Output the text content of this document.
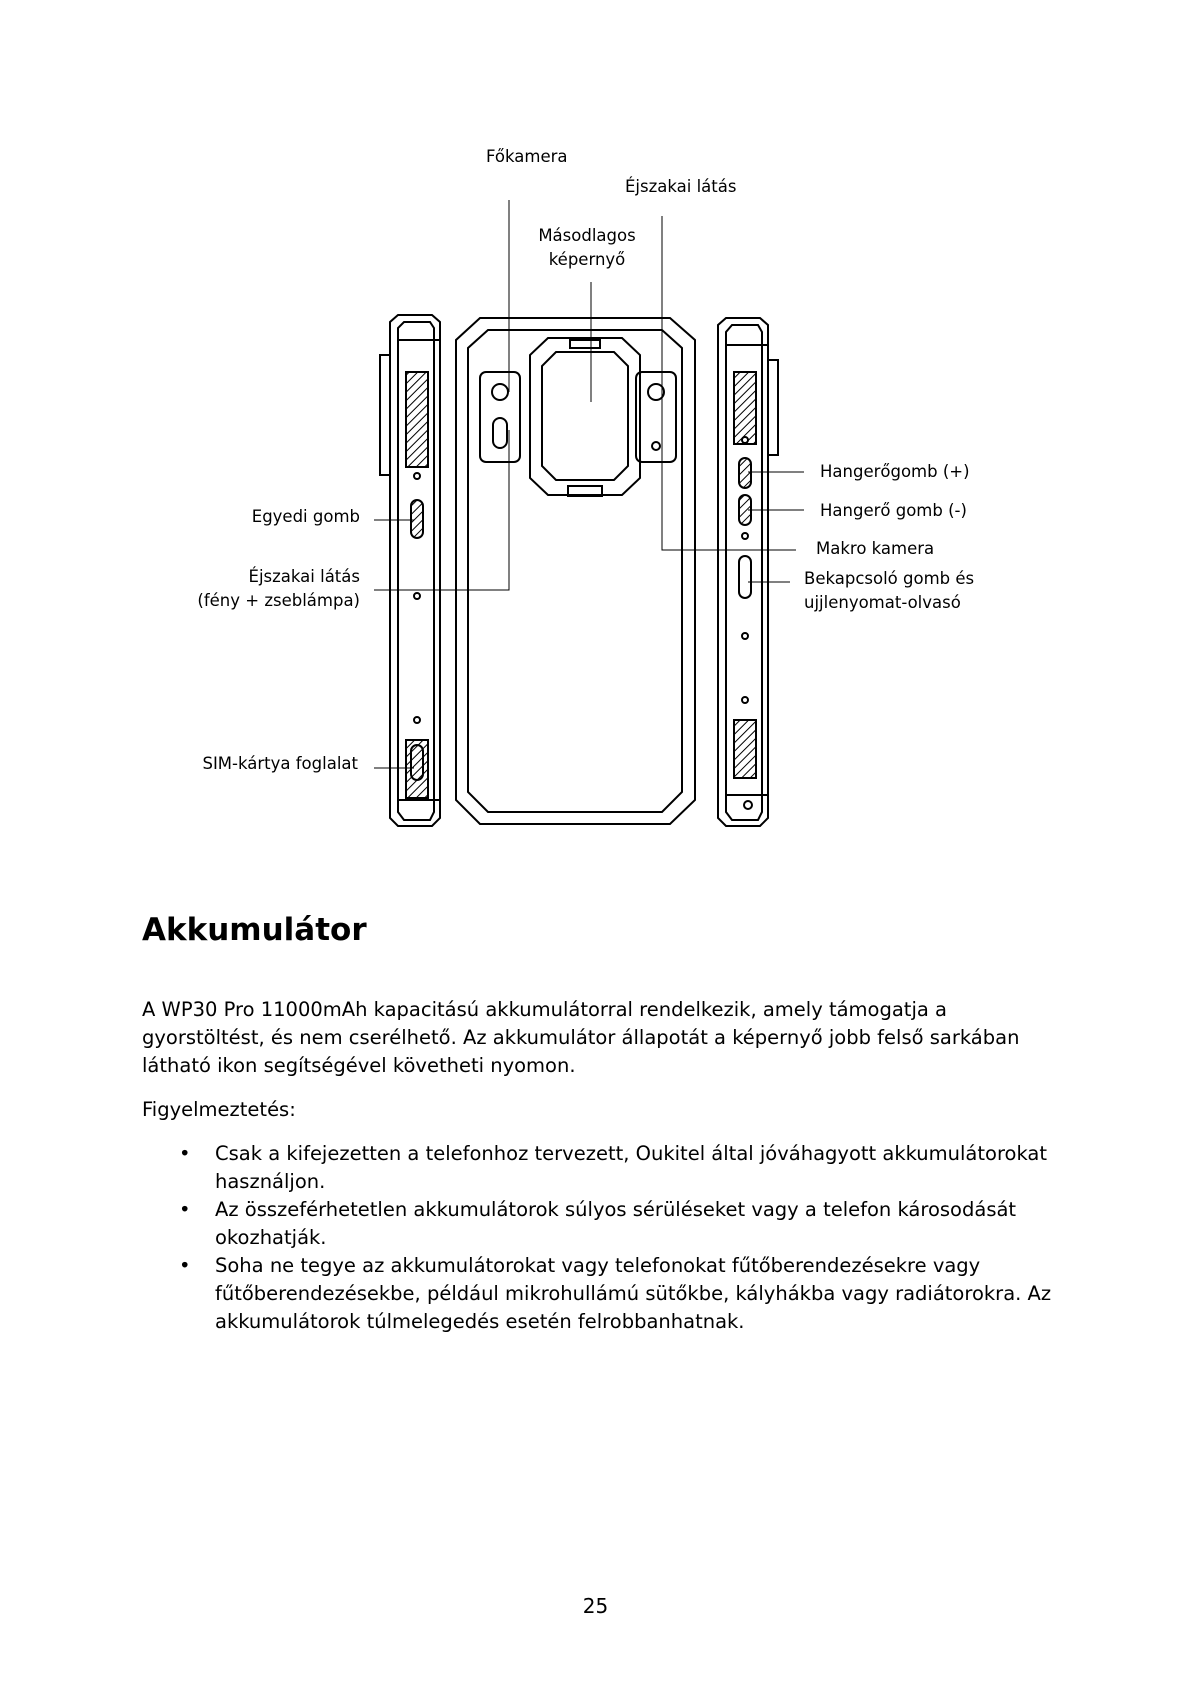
Főkamera
Éjszakai látás
Másodlagos
képernyő
Egyedi gomb
Éjszakai látás
(fény + zseblámpa)
SIM-kártya foglalat
Hangerőgomb (+)
Hangerő gomb (-)
Makro kamera
Bekapcsoló gomb és
ujjlenyomat-olvasó
Akkumulátor

A WP30 Pro 11000mAh kapacitású akkumulátorral rendelkezik, amely támogatja a gyorstöltést, és nem cserélhető. Az akkumulátor állapotát a képernyő jobb felső sarkában látható ikon segítségével követheti nyomon.

Figyelmeztetés:

• Csak a kifejezetten a telefonhoz tervezett, Oukitel által jóváhagyott akkumulátorokat használjon.
• Az összeférhetetlen akkumulátorok súlyos sérüléseket vagy a telefon károsodását okozhatják.
• Soha ne tegye az akkumulátorokat vagy telefonokat fűtőberendezésekre vagy fűtőberendezésekbe, például mikrohullámú sütőkbe, kályhákba vagy radiátorokra. Az akkumulátorok túlmelegedés esetén felrobbanhatnak.
25
